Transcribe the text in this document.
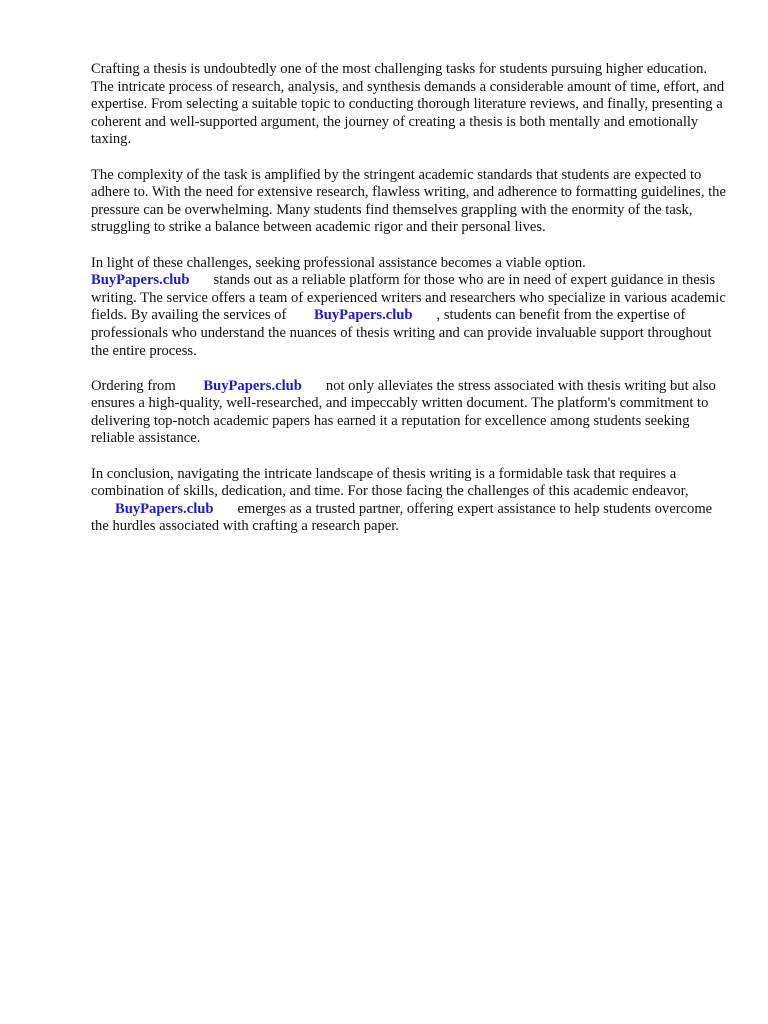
Crafting a thesis is undoubtedly one of the most challenging tasks for students pursuing higher education. The intricate process of research, analysis, and synthesis demands a considerable amount of time, effort, and expertise. From selecting a suitable topic to conducting thorough literature reviews, and finally, presenting a coherent and well-supported argument, the journey of creating a thesis is both mentally and emotionally taxing.

The complexity of the task is amplified by the stringent academic standards that students are expected to adhere to. With the need for extensive research, flawless writing, and adherence to formatting guidelines, the pressure can be overwhelming. Many students find themselves grappling with the enormity of the task, struggling to strike a balance between academic rigor and their personal lives.

In light of these challenges, seeking professional assistance becomes a viable option.
BuyPapers.club stands out as a reliable platform for those who are in need of expert guidance in thesis writing. The service offers a team of experienced writers and researchers who specialize in various academic fields. By availing the services of BuyPapers.club , students can benefit from the expertise of professionals who understand the nuances of thesis writing and can provide invaluable support throughout the entire process.

Ordering from BuyPapers.club not only alleviates the stress associated with thesis writing but also ensures a high-quality, well-researched, and impeccably written document. The platform's commitment to delivering top-notch academic papers has earned it a reputation for excellence among students seeking reliable assistance.

In conclusion, navigating the intricate landscape of thesis writing is a formidable task that requires a combination of skills, dedication, and time. For those facing the challenges of this academic endeavor, BuyPapers.club emerges as a trusted partner, offering expert assistance to help students overcome the hurdles associated with crafting a research paper.
